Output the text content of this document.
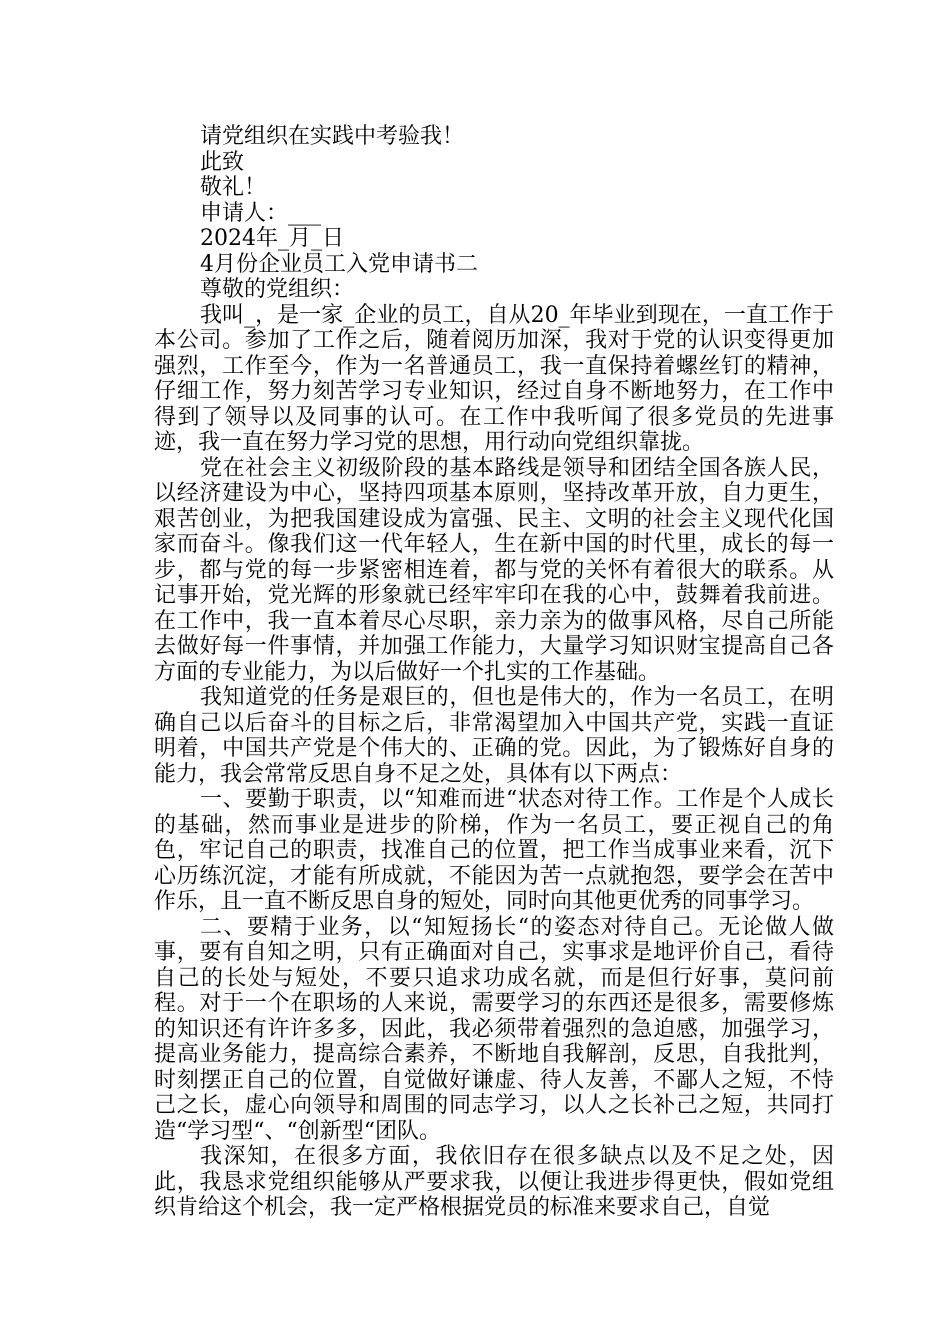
请党组织在实践中考验我！

此致

敬礼！

申请人：___

2024年_月_日

4月份企业员工入党申请书二

尊敬的党组织：

我叫_，是一家_企业的员工，自从20_年毕业到现在，一直工作于本公司。参加了工作之后，随着阅历加深，我对于党的认识变得更加强烈，工作至今，作为一名普通员工，我一直保持着螺丝钉的精神，仔细工作，努力刻苦学习专业知识，经过自身不断地努力，在工作中得到了领导以及同事的认可。在工作中我听闻了很多党员的先进事迹，我一直在努力学习党的思想，用行动向党组织靠拢。

党在社会主义初级阶段的基本路线是领导和团结全国各族人民，以经济建设为中心，坚持四项基本原则，坚持改革开放，自力更生，艰苦创业，为把我国建设成为富强、民主、文明的社会主义现代化国家而奋斗。像我们这一代年轻人，生在新中国的时代里，成长的每一步，都与党的每一步紧密相连着，都与党的关怀有着很大的联系。从记事开始，党光辉的形象就已经牢牢印在我的心中，鼓舞着我前进。在工作中，我一直本着尽心尽职，亲力亲为的做事风格，尽自己所能去做好每一件事情，并加强工作能力，大量学习知识财宝提高自己各方面的专业能力，为以后做好一个扎实的工作基础。

我知道党的任务是艰巨的，但也是伟大的，作为一名员工，在明确自己以后奋斗的目标之后，非常渴望加入中国共产党，实践一直证明着，中国共产党是个伟大的、正确的党。因此，为了锻炼好自身的能力，我会常常反思自身不足之处，具体有以下两点：

一、要勤于职责，以“知难而进“状态对待工作。工作是个人成长的基础，然而事业是进步的阶梯，作为一名员工，要正视自己的角色，牢记自己的职责，找准自己的位置，把工作当成事业来看，沉下心历练沉淀，才能有所成就，不能因为苦一点就抱怨，要学会在苦中作乐，且一直不断反思自身的短处，同时向其他更优秀的同事学习。

二、要精于业务，以“知短扬长“的姿态对待自己。无论做人做事，要有自知之明，只有正确面对自己，实事求是地评价自己，看待自己的长处与短处，不要只追求功成名就，而是但行好事，莫问前程。对于一个在职场的人来说，需要学习的东西还是很多，需要修炼的知识还有许许多多，因此，我必须带着强烈的急迫感，加强学习，提高业务能力，提高综合素养，不断地自我解剖，反思，自我批判，时刻摆正自己的位置，自觉做好谦虚、待人友善，不鄙人之短，不恃己之长，虚心向领导和周围的同志学习，以人之长补己之短，共同打造“学习型“、“创新型“团队。

我深知，在很多方面，我依旧存在很多缺点以及不足之处，因此，我恳求党组织能够从严要求我，以便让我进步得更快，假如党组织肯给这个机会，我一定严格根据党员的标准来要求自己，自觉
